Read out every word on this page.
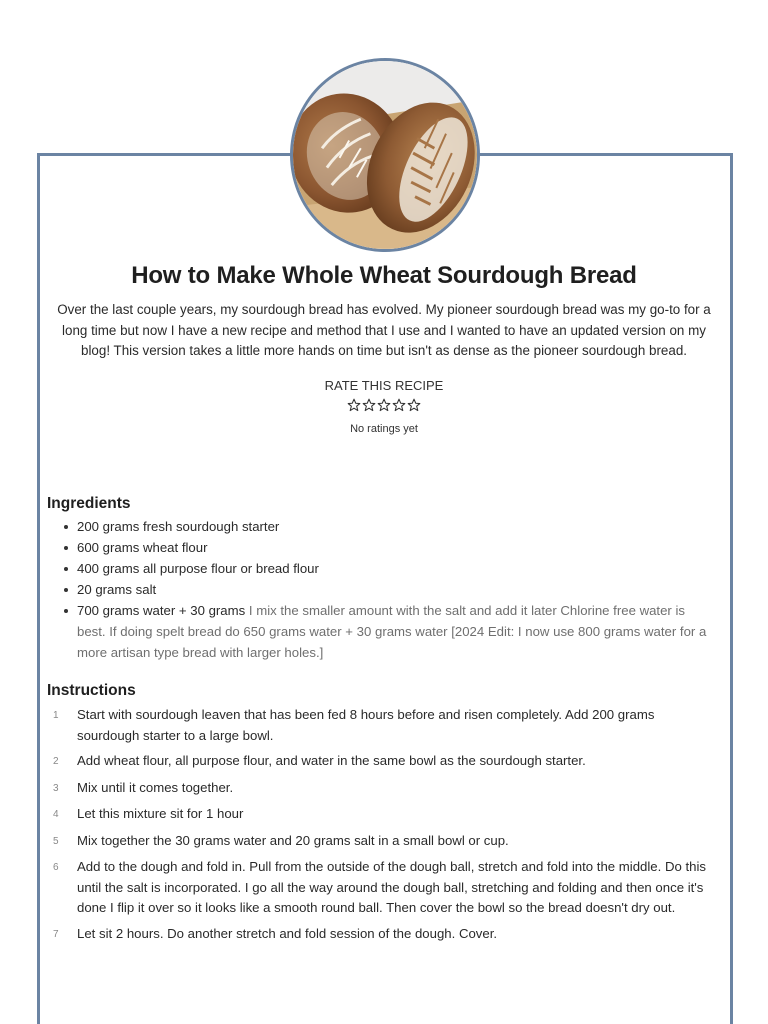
How to Make Whole Wheat Sourdough Bread

Over the last couple years, my sourdough bread has evolved. My pioneer sourdough bread was my go-to for a long time but now I have a new recipe and method that I use and I wanted to have an updated version on my blog! This version takes a little more hands on time but isn't as dense as the pioneer sourdough bread.

RATE THIS RECIPE
No ratings yet
Ingredients
200 grams fresh sourdough starter
600 grams wheat flour
400 grams all purpose flour or bread flour
20 grams salt
700 grams water + 30 grams I mix the smaller amount with the salt and add it later Chlorine free water is best. If doing spelt bread do 650 grams water + 30 grams water [2024 Edit: I now use 800 grams water for a more artisan type bread with larger holes.]
Instructions
1	Start with sourdough leaven that has been fed 8 hours before and risen completely. Add 200 grams sourdough starter to a large bowl.
2	Add wheat flour, all purpose flour, and water in the same bowl as the sourdough starter.
3	Mix until it comes together.
4	Let this mixture sit for 1 hour
5	Mix together the 30 grams water and 20 grams salt in a small bowl or cup.
6	Add to the dough and fold in. Pull from the outside of the dough ball, stretch and fold into the middle. Do this until the salt is incorporated. I go all the way around the dough ball, stretching and folding and then once it's done I flip it over so it looks like a smooth round ball. Then cover the bowl so the bread doesn't dry out.
7	Let sit 2 hours. Do another stretch and fold session of the dough. Cover.
